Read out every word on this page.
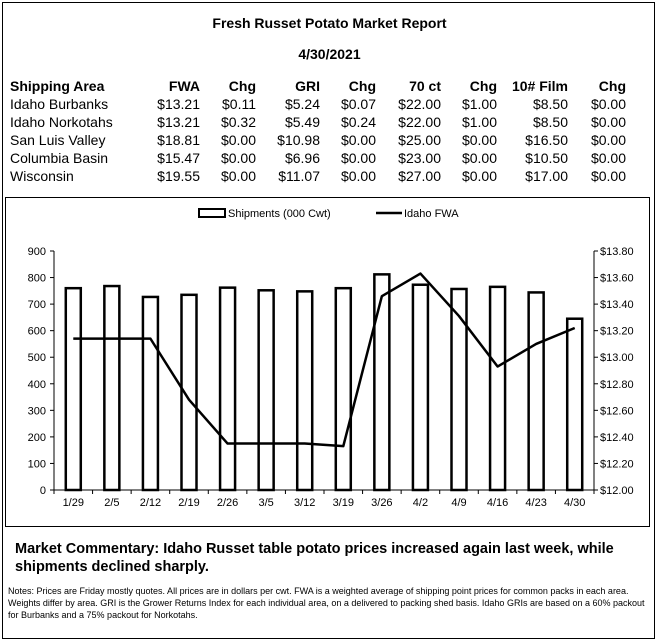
Fresh Russet Potato Market Report
4/30/2021
Shipping Area	FWA	Chg	GRI	Chg	70 ct	Chg	10# Film	Chg
Idaho Burbanks	$13.21	$0.11	$5.24	$0.07	$22.00	$1.00	$8.50	$0.00
Idaho Norkotahs	$13.21	$0.32	$5.49	$0.24	$22.00	$1.00	$8.50	$0.00
San Luis Valley	$18.81	$0.00	$10.98	$0.00	$25.00	$0.00	$16.50	$0.00
Columbia Basin	$15.47	$0.00	$6.96	$0.00	$23.00	$0.00	$10.50	$0.00
Wisconsin	$19.55	$0.00	$11.07	$0.00	$27.00	$0.00	$17.00	$0.00
0
100
200
300
400
500
600
700
800
900
$12.00
$12.20
$12.40
$12.60
$12.80
$13.00
$13.20
$13.40
$13.60
$13.80
1/29 2/5 2/12 2/19 2/26 3/5 3/12 3/19 3/26 4/2 4/9 4/16 4/23 4/30
Shipments (000 Cwt)	Idaho FWA
Market Commentary: Idaho Russet table potato prices increased again last week, while shipments declined sharply.
Notes: Prices are Friday mostly quotes. All prices are in dollars per cwt. FWA is a weighted average of shipping point prices for common packs in each area. Weights differ by area. GRI is the Grower Returns Index for each individual area, on a delivered to packing shed basis. Idaho GRIs are based on a 60% packout for Burbanks and a 75% packout for Norkotahs.
